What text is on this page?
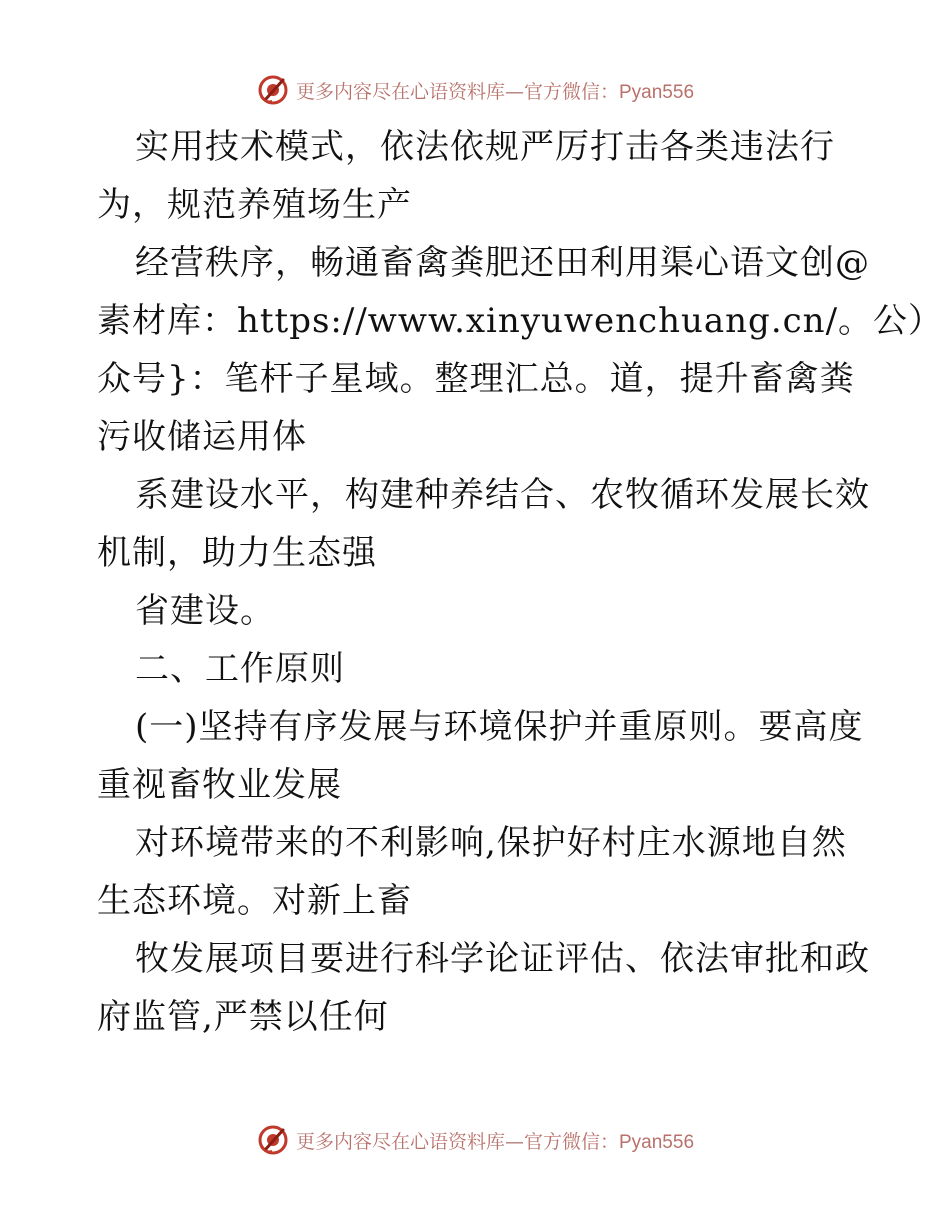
更多内容尽在心语资料库—官方微信：Pyan556
实用技术模式，依法依规严厉打击各类违法行
为，规范养殖场生产
经营秩序，畅通畜禽粪肥还田利用渠心语文创@
素材库：https://www.xinyuwenchuang.cn/。公）
众号}：笔杆子星域。整理汇总。道，提升畜禽粪
污收储运用体
系建设水平，构建种养结合、农牧循环发展长效
机制，助力生态强
省建设。
二、工作原则
(一)坚持有序发展与环境保护并重原则。要高度
重视畜牧业发展
对环境带来的不利影响,保护好村庄水源地自然
生态环境。对新上畜
牧发展项目要进行科学论证评估、依法审批和政
府监管,严禁以任何
更多内容尽在心语资料库—官方微信：Pyan556
